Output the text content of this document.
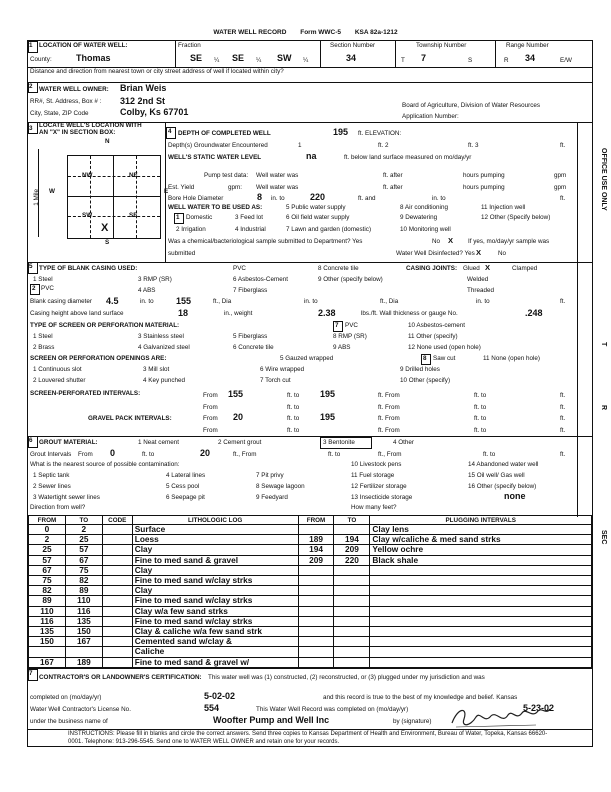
WATER WELL RECORD Form WWC-5 KSA 82a-1212
1 LOCATION OF WATER WELL:
County:	Thomas
Fraction
SE ¼ SE ¼ SW ¼
Section Number
34
Township Number
T 7	S
Range Number
R 34	E/W
Distance and direction from nearest town or city street address of well if located within city?
2 WATER WELL OWNER: Brian Weis
RR#, St. Address, Box # : 312 2nd St
City, State, ZIP Code	Colby, Ks 67701
Board of Agriculture, Division of Water Resources
Application Number:
3 LOCATE WELL'S LOCATION WITH
AN "X" IN SECTION BOX:	4
N
W	E
S
1 Mile
DEPTH OF COMPLETED WELL	195 ft. ELEVATION:
Depth(s) Groundwater Encountered	1	ft. 2	ft. 3	ft.
WELL'S STATIC WATER LEVEL	na	ft. below land surface measured on mo/day/yr
Pump test data: Well water was	ft. after	hours pumping	gpm
Est. Yield	gpm: Well water was	ft. after	hours pumping	gpm
Bore Hole Diameter	8 in. to	220	ft. and	in. to	ft.
WELL WATER TO BE USED AS:	5 Public water supply	8 Air conditioning	11 Injection well
1 Domestic	3 Feed lot	6 Oil field water supply	9 Dewatering	12 Other (Specify below)
2 Irrigation	4 Industrial	7 Lawn and garden (domestic)	10 Monitoring well
Was a chemical/bacteriological sample submitted to Department? Yes	No X If yes, mo/day/yr sample was
submitted	Water Well Disinfected? Yes X	No
5 TYPE OF BLANK CASING USED:	PVC	8 Concrete tile	CASING JOINTS: Glued X	Clamped
1 Steel	3 RMP (SR)	6 Asbestos-Cement	9 Other (specify below)	Welded
2 PVC	4 ABS	7 Fiberglass	Threaded
Blank casing diameter 4.5	in. to 155	ft., Dia	in. to	ft., Dia	in. to	ft.
Casing height above land surface	18	in., weight	2.38	lbs./ft. Wall thickness or gauge No.	.248
TYPE OF SCREEN OR PERFORATION MATERIAL:	7 PVC	10 Asbestos-cement
1 Steel	3 Stainless steel	5 Fiberglass	8 RMP (SR)	11 Other (specify)
2 Brass	4 Galvanized steel	6 Concrete tile	9 ABS	12 None used (open hole)
SCREEN OR PERFORATION OPENINGS ARE:	5 Gauzed wrapped	8 Saw cut	11 None (open hole)
1 Continuous slot	3 Mill slot	6 Wire wrapped	9 Drilled holes
2 Louvered shutter	4 Key punched	7 Torch cut	10 Other (specify)
SCREEN-PERFORATED INTERVALS:	From 155	ft. to 195	ft. From	ft. to	ft.
From	ft. to	ft. From	ft. to	ft.
GRAVEL PACK INTERVALS:	From 20	ft. to 195	ft. From	ft. to	ft.
From	ft. to	ft. From	ft. to	ft.
6 GROUT MATERIAL:	1 Neat cement	2 Cement grout	3 Bentonite	4 Other
Grout Intervals From 0	ft. to	20	ft., From	ft. to	ft., From	ft. to	ft.
What is the nearest source of possible contamination:	10 Livestock pens	14 Abandoned water well
1 Septic tank	4 Lateral lines	7 Pit privy	11 Fuel storage	15 Oil well/ Gas well
2 Sewer lines	5 Cess pool	8 Sewage lagoon	12 Fertilizer storage	16 Other (specify below)
3 Watertight sewer lines	6 Seepage pit	9 Feedyard	13 Insecticide storage	none
Direction from well?	How many feet?
FROM	TO	CODE	LITHOLOGIC LOG	FROM	TO	PLUGGING INTERVALS
0	2		Surface			Clay lens
2	25		Loess	189	194	Clay w/caliche & med sand strks
25	57		Clay	194	209	Yellow ochre
57	67		Fine to med sand & gravel	209	220	Black shale
67	75		Clay			
75	82		Fine to med sand w/clay strks			
82	89		Clay			
89	110		Fine to med sand w/clay strks			
110	116		Clay w/a few sand strks			
116	135		Fine to med sand w/clay strks			
135	150		Clay & caliche w/a few sand strk			
150	167		Cemented sand w/clay &			
			Caliche			
167	189		Fine to med sand & gravel w/			
7
CONTRACTOR'S OR LANDOWNER'S CERTIFICATION: This water well was (1) constructed, (2) reconstructed, or (3) plugged under my jurisdiction and was
completed on (mo/day/yr)	5-02-02	and this record is true to the best of my knowledge and belief. Kansas
Water Well Contractor's License No.	554	This Water Well Record was completed on (mo/day/yr)	5-23-02
under the business name of	Woofter Pump and Well Inc	by (signature)
INSTRUCTIONS: Please fill in blanks and circle the correct answers. Send three copies to Kansas Department of Health and Environment, Bureau of Water, Topeka, Kansas 66620-0001. Telephone: 913-296-5545. Send one to WATER WELL OWNER and retain one for your records.
OFFICE USE ONLY
T
R
SEC
NW	NE
SW	SE
X
